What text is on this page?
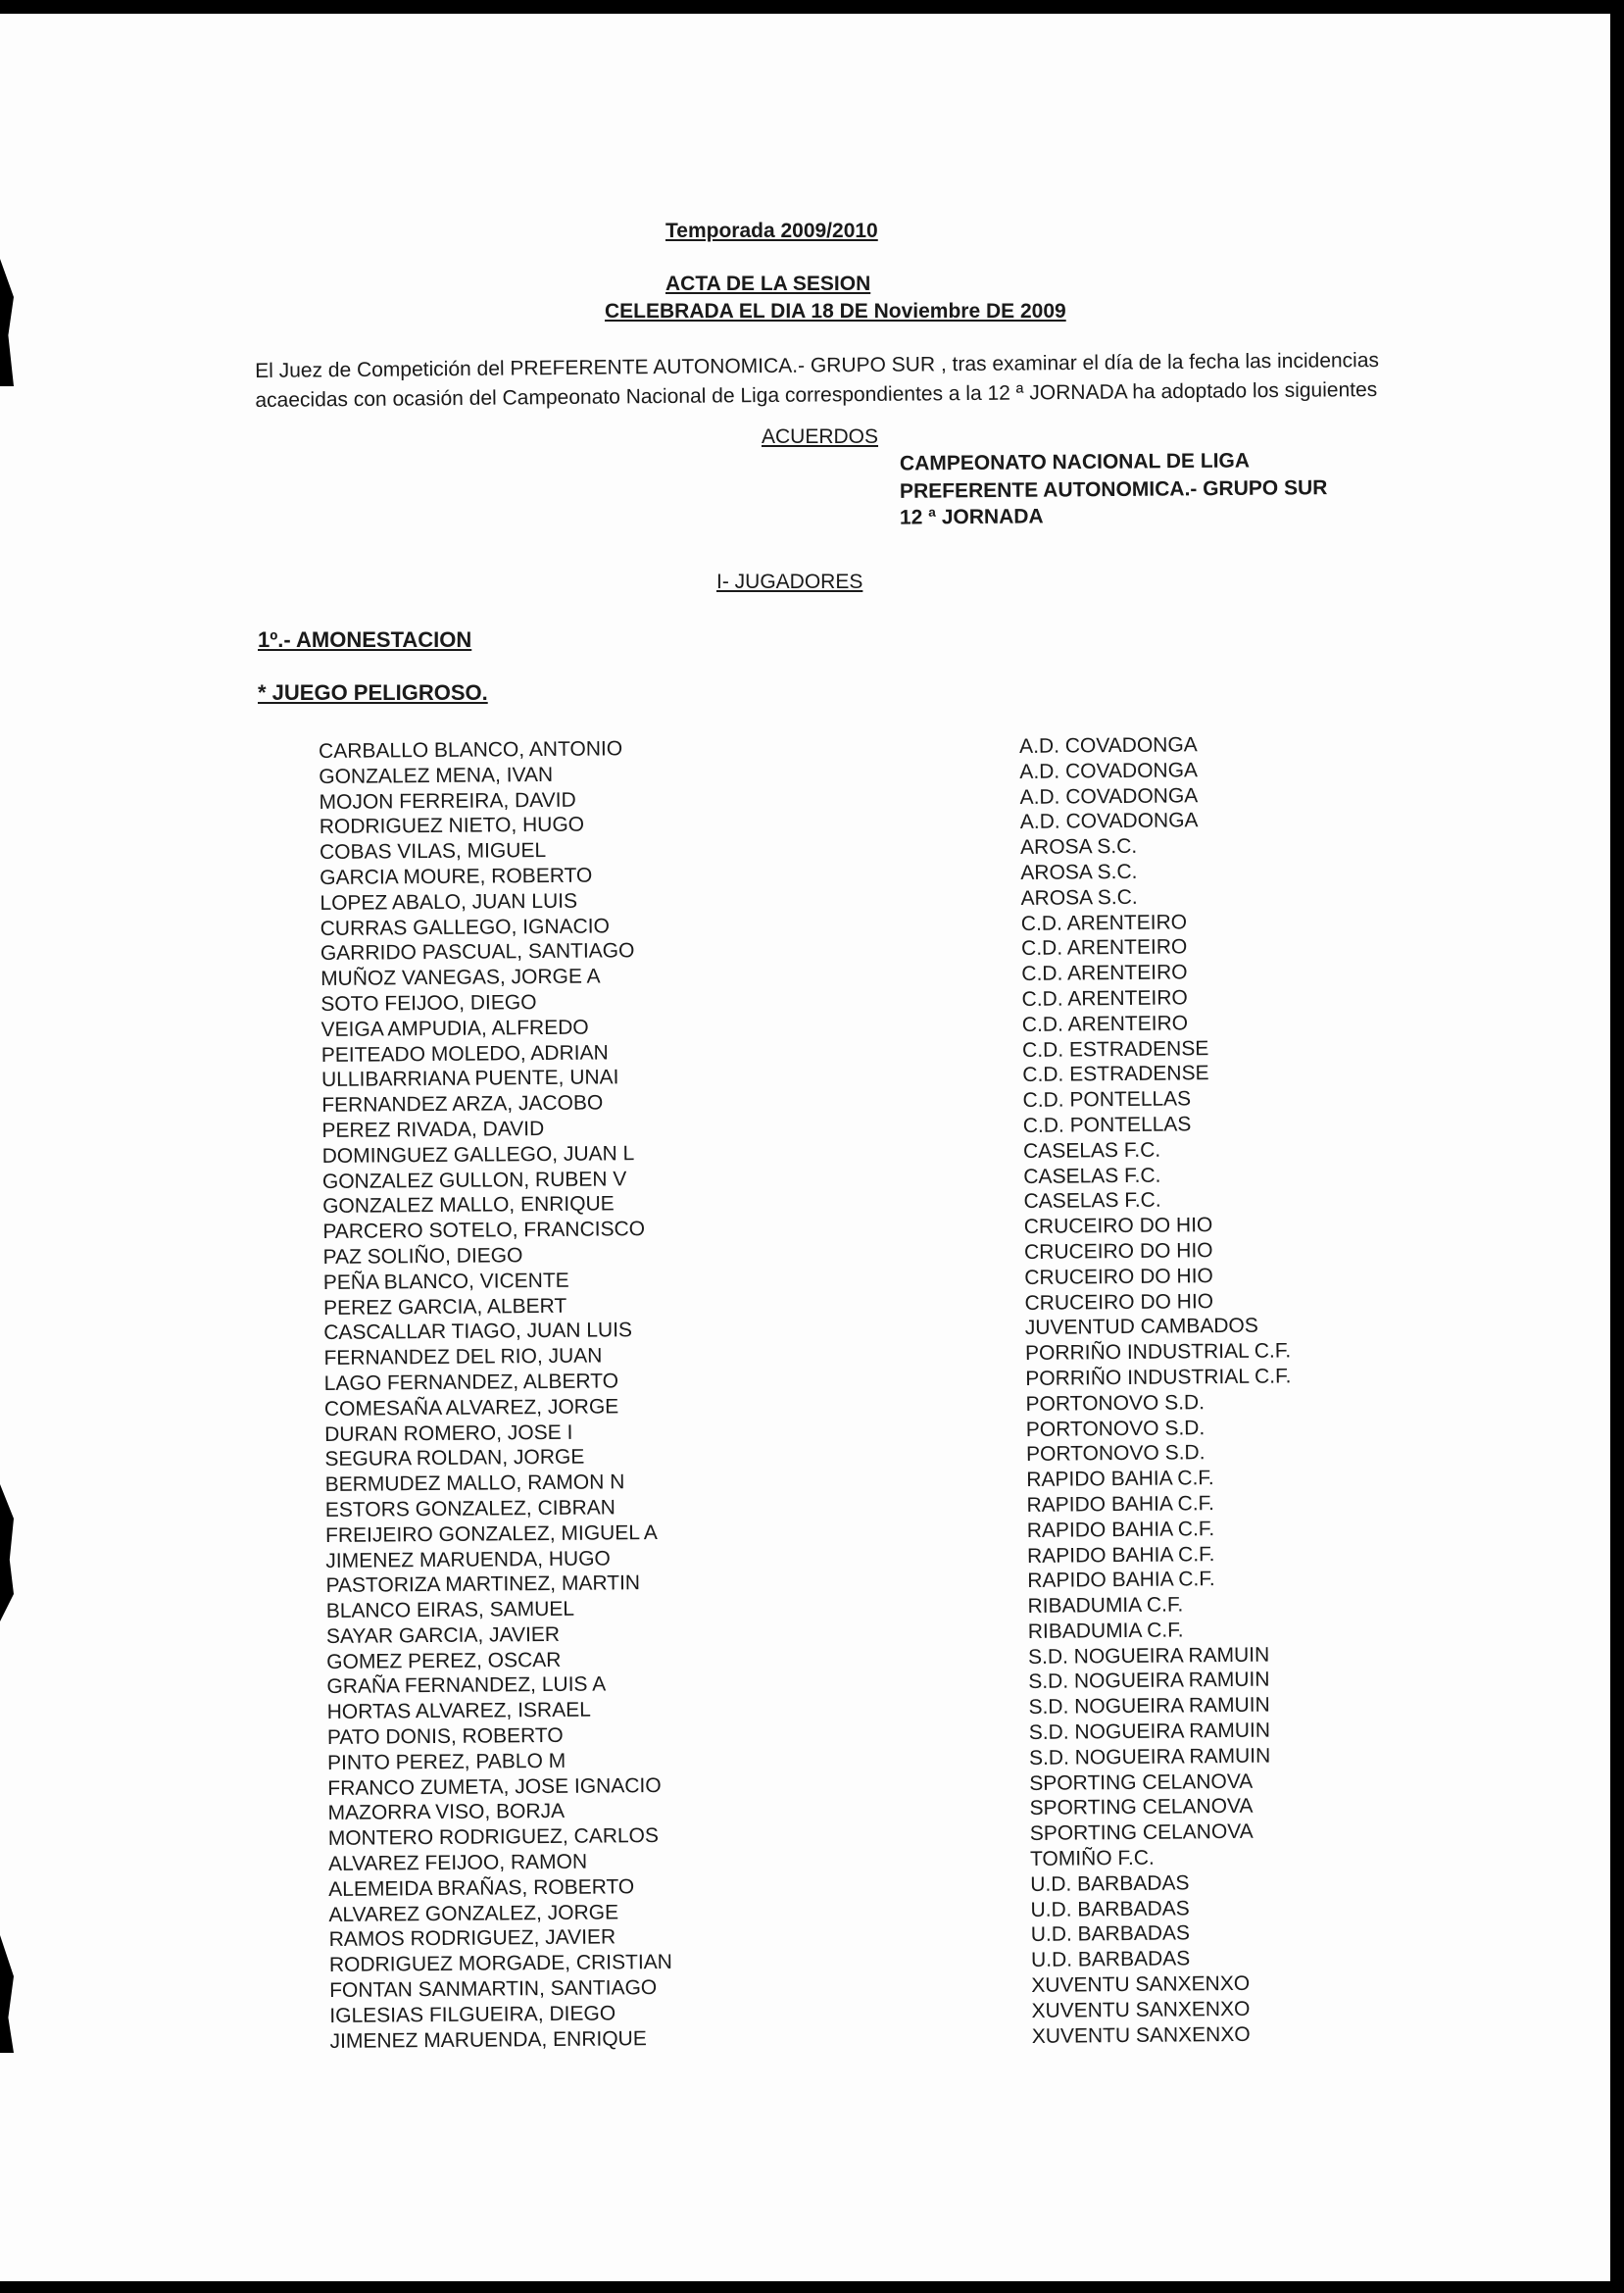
Temporada 2009/2010
ACTA DE LA SESION
CELEBRADA EL DIA 18 DE Noviembre DE 2009
El Juez de Competición del PREFERENTE AUTONOMICA.- GRUPO SUR , tras examinar el día de la fecha las incidencias
acaecidas con ocasión del Campeonato Nacional de Liga correspondientes a la 12 ª JORNADA ha adoptado los siguientes
ACUERDOS
CAMPEONATO NACIONAL DE LIGA
PREFERENTE AUTONOMICA.- GRUPO SUR
12 ª JORNADA
I- JUGADORES
1º.- AMONESTACION
* JUEGO PELIGROSO.
CARBALLO BLANCO, ANTONIO
GONZALEZ MENA, IVAN
MOJON FERREIRA, DAVID
RODRIGUEZ NIETO, HUGO
COBAS VILAS, MIGUEL
GARCIA MOURE, ROBERTO
LOPEZ ABALO, JUAN LUIS
CURRAS GALLEGO, IGNACIO
GARRIDO PASCUAL, SANTIAGO
MUÑOZ VANEGAS, JORGE A
SOTO FEIJOO, DIEGO
VEIGA AMPUDIA, ALFREDO
PEITEADO MOLEDO, ADRIAN
ULLIBARRIANA PUENTE, UNAI
FERNANDEZ ARZA, JACOBO
PEREZ RIVADA, DAVID
DOMINGUEZ GALLEGO, JUAN L
GONZALEZ GULLON, RUBEN V
GONZALEZ MALLO, ENRIQUE
PARCERO SOTELO, FRANCISCO
PAZ SOLIÑO, DIEGO
PEÑA BLANCO, VICENTE
PEREZ GARCIA, ALBERT
CASCALLAR TIAGO, JUAN LUIS
FERNANDEZ DEL RIO, JUAN
LAGO FERNANDEZ, ALBERTO
COMESAÑA ALVAREZ, JORGE
DURAN ROMERO, JOSE I
SEGURA ROLDAN, JORGE
BERMUDEZ MALLO, RAMON N
ESTORS GONZALEZ, CIBRAN
FREIJEIRO GONZALEZ, MIGUEL A
JIMENEZ MARUENDA, HUGO
PASTORIZA MARTINEZ, MARTIN
BLANCO EIRAS, SAMUEL
SAYAR GARCIA, JAVIER
GOMEZ PEREZ, OSCAR
GRAÑA FERNANDEZ, LUIS A
HORTAS ALVAREZ, ISRAEL
PATO DONIS, ROBERTO
PINTO PEREZ, PABLO M
FRANCO ZUMETA, JOSE IGNACIO
MAZORRA VISO, BORJA
MONTERO RODRIGUEZ, CARLOS
ALVAREZ FEIJOO, RAMON
ALEMEIDA BRAÑAS, ROBERTO
ALVAREZ GONZALEZ, JORGE
RAMOS RODRIGUEZ, JAVIER
RODRIGUEZ MORGADE, CRISTIAN
FONTAN SANMARTIN, SANTIAGO
IGLESIAS FILGUEIRA, DIEGO
JIMENEZ MARUENDA, ENRIQUE
A.D. COVADONGA
A.D. COVADONGA
A.D. COVADONGA
A.D. COVADONGA
AROSA S.C.
AROSA S.C.
AROSA S.C.
C.D. ARENTEIRO
C.D. ARENTEIRO
C.D. ARENTEIRO
C.D. ARENTEIRO
C.D. ARENTEIRO
C.D. ESTRADENSE
C.D. ESTRADENSE
C.D. PONTELLAS
C.D. PONTELLAS
CASELAS F.C.
CASELAS F.C.
CASELAS F.C.
CRUCEIRO DO HIO
CRUCEIRO DO HIO
CRUCEIRO DO HIO
CRUCEIRO DO HIO
JUVENTUD CAMBADOS
PORRIÑO INDUSTRIAL C.F.
PORRIÑO INDUSTRIAL C.F.
PORTONOVO S.D.
PORTONOVO S.D.
PORTONOVO S.D.
RAPIDO BAHIA C.F.
RAPIDO BAHIA C.F.
RAPIDO BAHIA C.F.
RAPIDO BAHIA C.F.
RAPIDO BAHIA C.F.
RIBADUMIA C.F.
RIBADUMIA C.F.
S.D. NOGUEIRA RAMUIN
S.D. NOGUEIRA RAMUIN
S.D. NOGUEIRA RAMUIN
S.D. NOGUEIRA RAMUIN
S.D. NOGUEIRA RAMUIN
SPORTING CELANOVA
SPORTING CELANOVA
SPORTING CELANOVA
TOMIÑO F.C.
U.D. BARBADAS
U.D. BARBADAS
U.D. BARBADAS
U.D. BARBADAS
XUVENTU SANXENXO
XUVENTU SANXENXO
XUVENTU SANXENXO
